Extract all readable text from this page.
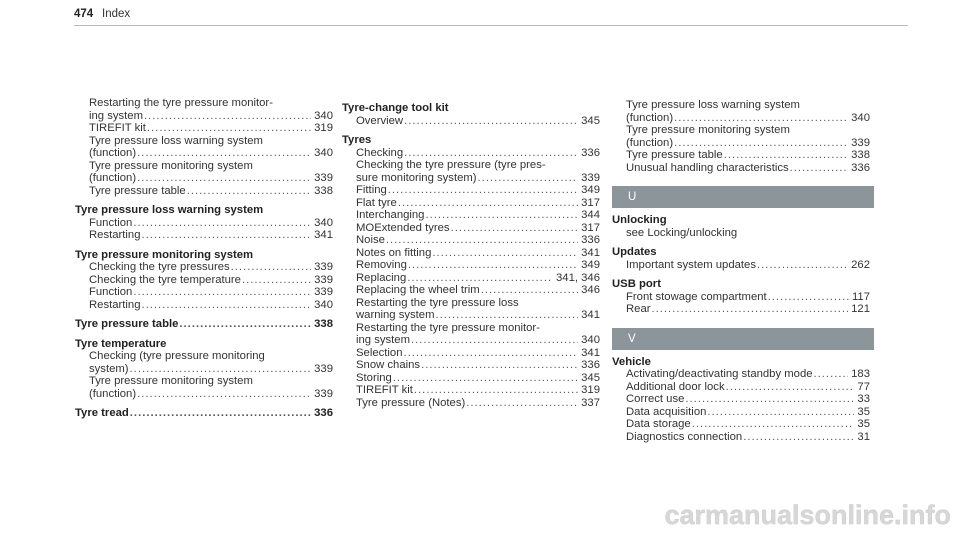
474 Index
Restarting the tyre pressure monitor-
ing system .....	340
TIREFIT kit .....	319
Tyre pressure loss warning system
(function) .....	340
Tyre pressure monitoring system
(function) .....	339
Tyre pressure table .....	338
Tyre pressure loss warning system
Function .....	340
Restarting .....	341
Tyre pressure monitoring system
Checking the tyre pressures .....	339
Checking the tyre temperature .....	339
Function .....	339
Restarting .....	340
Tyre pressure table .....	338
Tyre temperature
Checking (tyre pressure monitoring
system) .....	339
Tyre pressure monitoring system
(function) .....	339
Tyre tread .....	336
Tyre-change tool kit
Overview .....	345
Tyres
Checking .....	336
Checking the tyre pressure (tyre pres-
sure monitoring system) .....	339
Fitting .....	349
Flat tyre .....	317
Interchanging .....	344
MOExtended tyres .....	317
Noise .....	336
Notes on fitting .....	341
Removing .....	349
Replacing .....	341, 346
Replacing the wheel trim .....	346
Restarting the tyre pressure loss
warning system .....	341
Restarting the tyre pressure monitor-
ing system .....	340
Selection .....	341
Snow chains .....	336
Storing .....	345
TIREFIT kit .....	319
Tyre pressure (Notes) .....	337
Tyre pressure loss warning system
(function) .....	340
Tyre pressure monitoring system
(function) .....	339
Tyre pressure table .....	338
Unusual handling characteristics .....	336
U
Unlocking
see Locking/unlocking
Updates
Important system updates .....	262
USB port
Front stowage compartment .....	117
Rear .....	121
V
Vehicle
Activating/deactivating standby mode .....	183
Additional door lock .....	77
Correct use .....	33
Data acquisition .....	35
Data storage .....	35
Diagnostics connection .....	31
carmanualsonline.info
